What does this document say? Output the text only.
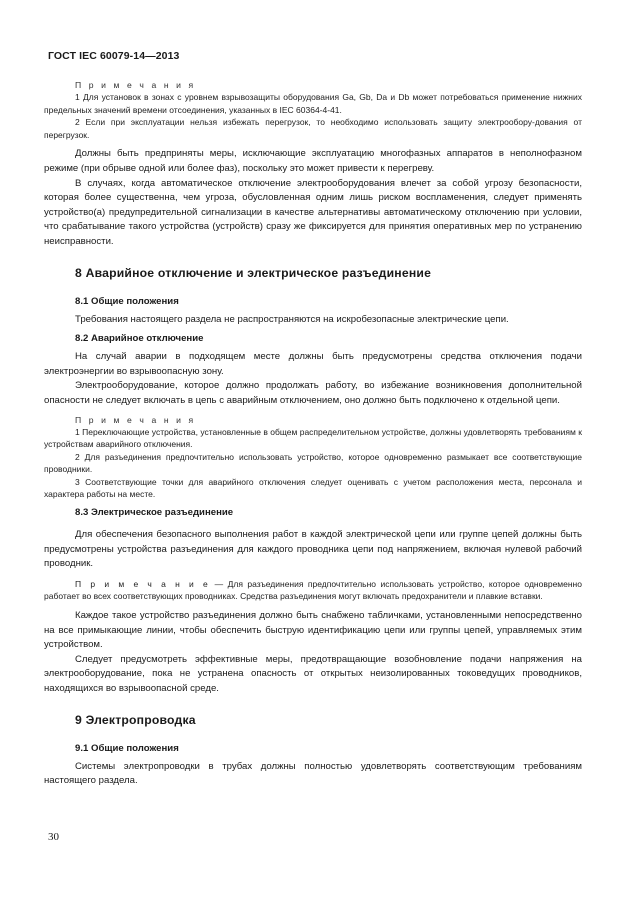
ГОСТ IEC 60079-14—2013
П р и м е ч а н и я

1 Для установок в зонах с уровнем взрывозащиты оборудования Ga, Gb, Da и Db может потребоваться применение нижних предельных значений времени отсоединения, указанных в IEC 60364-4-41.

2 Если при эксплуатации нельзя избежать перегрузок, то необходимо использовать защиту электрообору-дования от перегрузок.

Должны быть предприняты меры, исключающие эксплуатацию многофазных аппаратов в неполнофазном режиме (при обрыве одной или более фаз), поскольку это может привести к перегреву.

В случаях, когда автоматическое отключение электрооборудования влечет за собой угрозу безопасности, которая более существенна, чем угроза, обусловленная одним лишь риском воспламенения, следует применять устройство(а) предупредительной сигнализации в качестве альтернативы автоматическому отключению при условии, что срабатывание такого устройства (устройств) сразу же фиксируется для принятия оперативных мер по устранению неисправности.

8 Аварийное отключение и электрическое разъединение
8.1 Общие положения

Требования настоящего раздела не распространяются на искробезопасные электрические цепи.

8.2 Аварийное отключение

На случай аварии в подходящем месте должны быть предусмотрены средства отключения подачи электроэнергии во взрывоопасную зону.

Электрооборудование, которое должно продолжать работу, во избежание возникновения дополнительной опасности не следует включать в цепь с аварийным отключением, оно должно быть подключено к отдельной цепи.

П р и м е ч а н и я

1 Переключающие устройства, установленные в общем распределительном устройстве, должны удовлетворять требованиям к устройствам аварийного отключения.

2 Для разъединения предпочтительно использовать устройство, которое одновременно размыкает все соответствующие проводники.

3 Соответствующие точки для аварийного отключения следует оценивать с учетом расположения места, персонала и характера работы на месте.

8.3 Электрическое разъединение

Для обеспечения безопасного выполнения работ в каждой электрической цепи или группе цепей должны быть предусмотрены устройства разъединения для каждого проводника цепи под напряжением, включая нулевой рабочий проводник.

П р и м е ч а н и е — Для разъединения предпочтительно использовать устройство, которое одновременно работает во всех соответствующих проводниках. Средства разъединения могут включать предохранители и плавкие вставки.

Каждое такое устройство разъединения должно быть снабжено табличками, установленными непосредственно на все примыкающие линии, чтобы обеспечить быструю идентификацию цепи или группы цепей, управляемых этим устройством.

Следует предусмотреть эффективные меры, предотвращающие возобновление подачи напряжения на электрооборудование, пока не устранена опасность от открытых неизолированных токоведущих проводников, находящихся во взрывоопасной среде.

9 Электропроводка
9.1 Общие положения

Системы электропроводки в трубах должны полностью удовлетворять соответствующим требованиям настоящего раздела.

30
